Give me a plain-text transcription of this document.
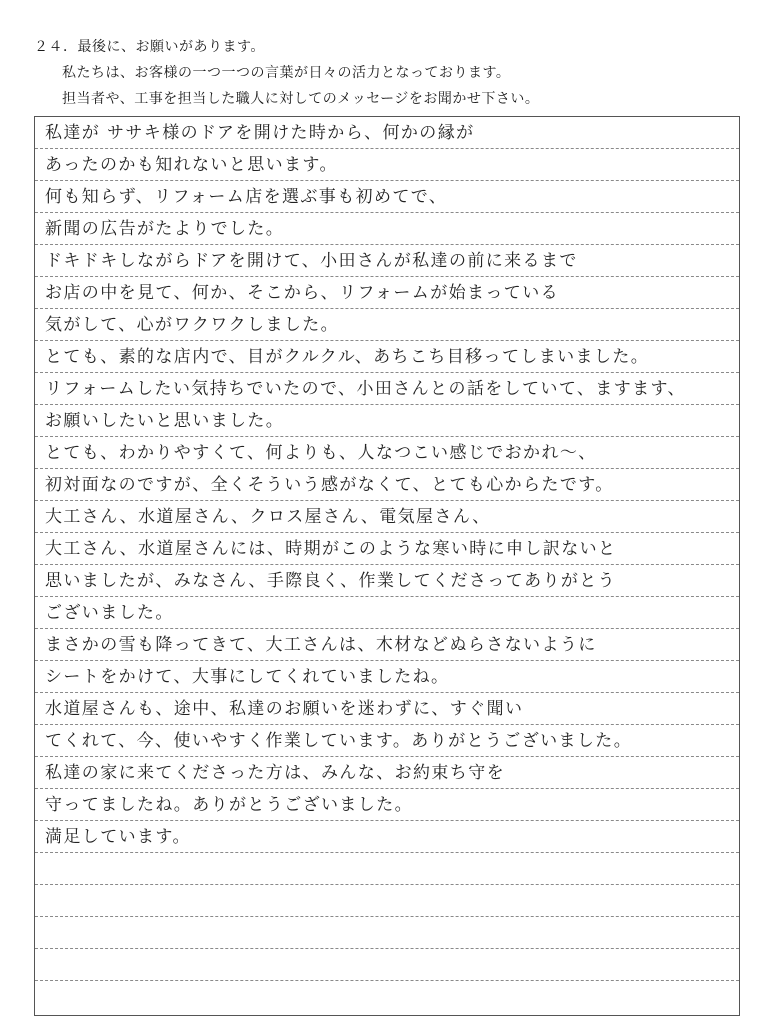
２４．最後に、お願いがあります。
私たちは、お客様の一つ一つの言葉が日々の活力となっております。
担当者や、工事を担当した職人に対してのメッセージをお聞かせ下さい。
私達が ササキ様のドアを開けた時から、何かの縁が
あったのかも知れないと思います。
何も知らず、リフォーム店を選ぶ事も初めてで、
新聞の広告がたよりでした。
ドキドキしながらドアを開けて、小田さんが私達の前に来るまで
お店の中を見て、何か、そこから、リフォームが始まっている
気がして、心がワクワクしました。
とても、素的な店内で、目がクルクル、あちこち目移ってしまいました。
リフォームしたい気持ちでいたので、小田さんとの話をしていて、ますます、
お願いしたいと思いました。
とても、わかりやすくて、何よりも、人なつこい感じでおかれ～、
初対面なのですが、全くそういう感がなくて、とても心からたです。
大工さん、水道屋さん、クロス屋さん、電気屋さん、
大工さん、水道屋さんには、時期がこのような寒い時に申し訳ないと
思いましたが、みなさん、手際良く、作業してくださってありがとう
ございました。
まさかの雪も降ってきて、大工さんは、木材などぬらさないように
シートをかけて、大事にしてくれていましたね。
水道屋さんも、途中、私達のお願いを迷わずに、すぐ聞い
てくれて、今、使いやすく作業しています。ありがとうございました。
私達の家に来てくださった方は、みんな、お約束ち守を
守ってましたね。ありがとうございました。
満足しています。
